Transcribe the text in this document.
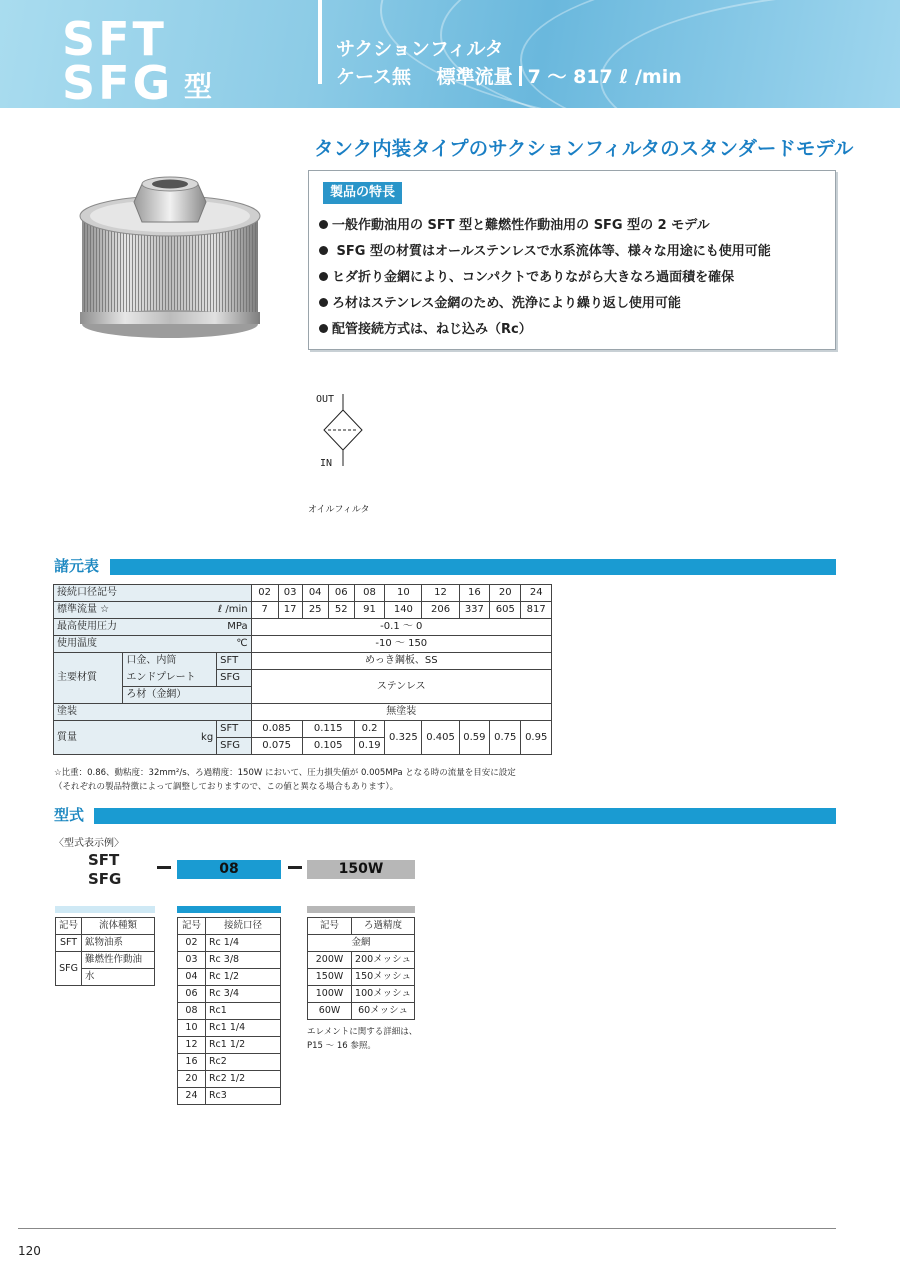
SFT
SFG 型
サクションフィルタ
ケース無　 標準流量 7 〜 817 ℓ /min
タンク内装タイプのサクションフィルタのスタンダードモデル
製品の特長
一般作動油用の SFT 型と難燃性作動油用の SFG 型の 2 モデル
SFG 型の材質はオールステンレスで水系流体等、様々な用途にも使用可能
ヒダ折り金網により、コンパクトでありながら大きなろ過面積を確保
ろ材はステンレス金網のため、洗浄により繰り返し使用可能
配管接続方式は、ねじ込み（Rc）
OUT
IN
オイルフィルタ
諸元表
接続口径記号			02	03	04	06	08	10	12	16	20	24
標準流量 ☆	ℓ /min		7	17	25	52	91	140	206	337	605	817
最高使用圧力	MPa		-0.1 〜 0									
使用温度	℃		-10 〜 150									
主要材質	口金、内筒	SFT	めっき鋼板、SS									
	エンドプレート	SFG	ステンレス									
	ろ材（金網）											
塗装			無塗装									
質量	kg	SFT	0.085		0.115		0.2	0.325	0.405	0.59	0.75	0.95
		SFG	0.075		0.105		0.19					
☆比重：0.86、動粘度：32mm²/s、ろ過精度：150W において、圧力損失値が 0.005MPa となる時の流量を目安に設定
（それぞれの製品特徴によって調整しておりますので、この値と異なる場合もあります）。
型式
〈型式表示例〉
SFT
SFG
08	150W
記号	流体種類
SFT	鉱物油系
SFG	難燃性作動油
	水
記号	接続口径
02	Rc 1/4
03	Rc 3/8
04	Rc 1/2
06	Rc 3/4
08	Rc1
10	Rc1 1/4
12	Rc1 1/2
16	Rc2
20	Rc2 1/2
24	Rc3
記号	ろ過精度
金網	
200W	200メッシュ
150W	150メッシュ
100W	100メッシュ
60W	60メッシュ
エレメントに関する詳細は、
P15 〜 16 参照。
120
